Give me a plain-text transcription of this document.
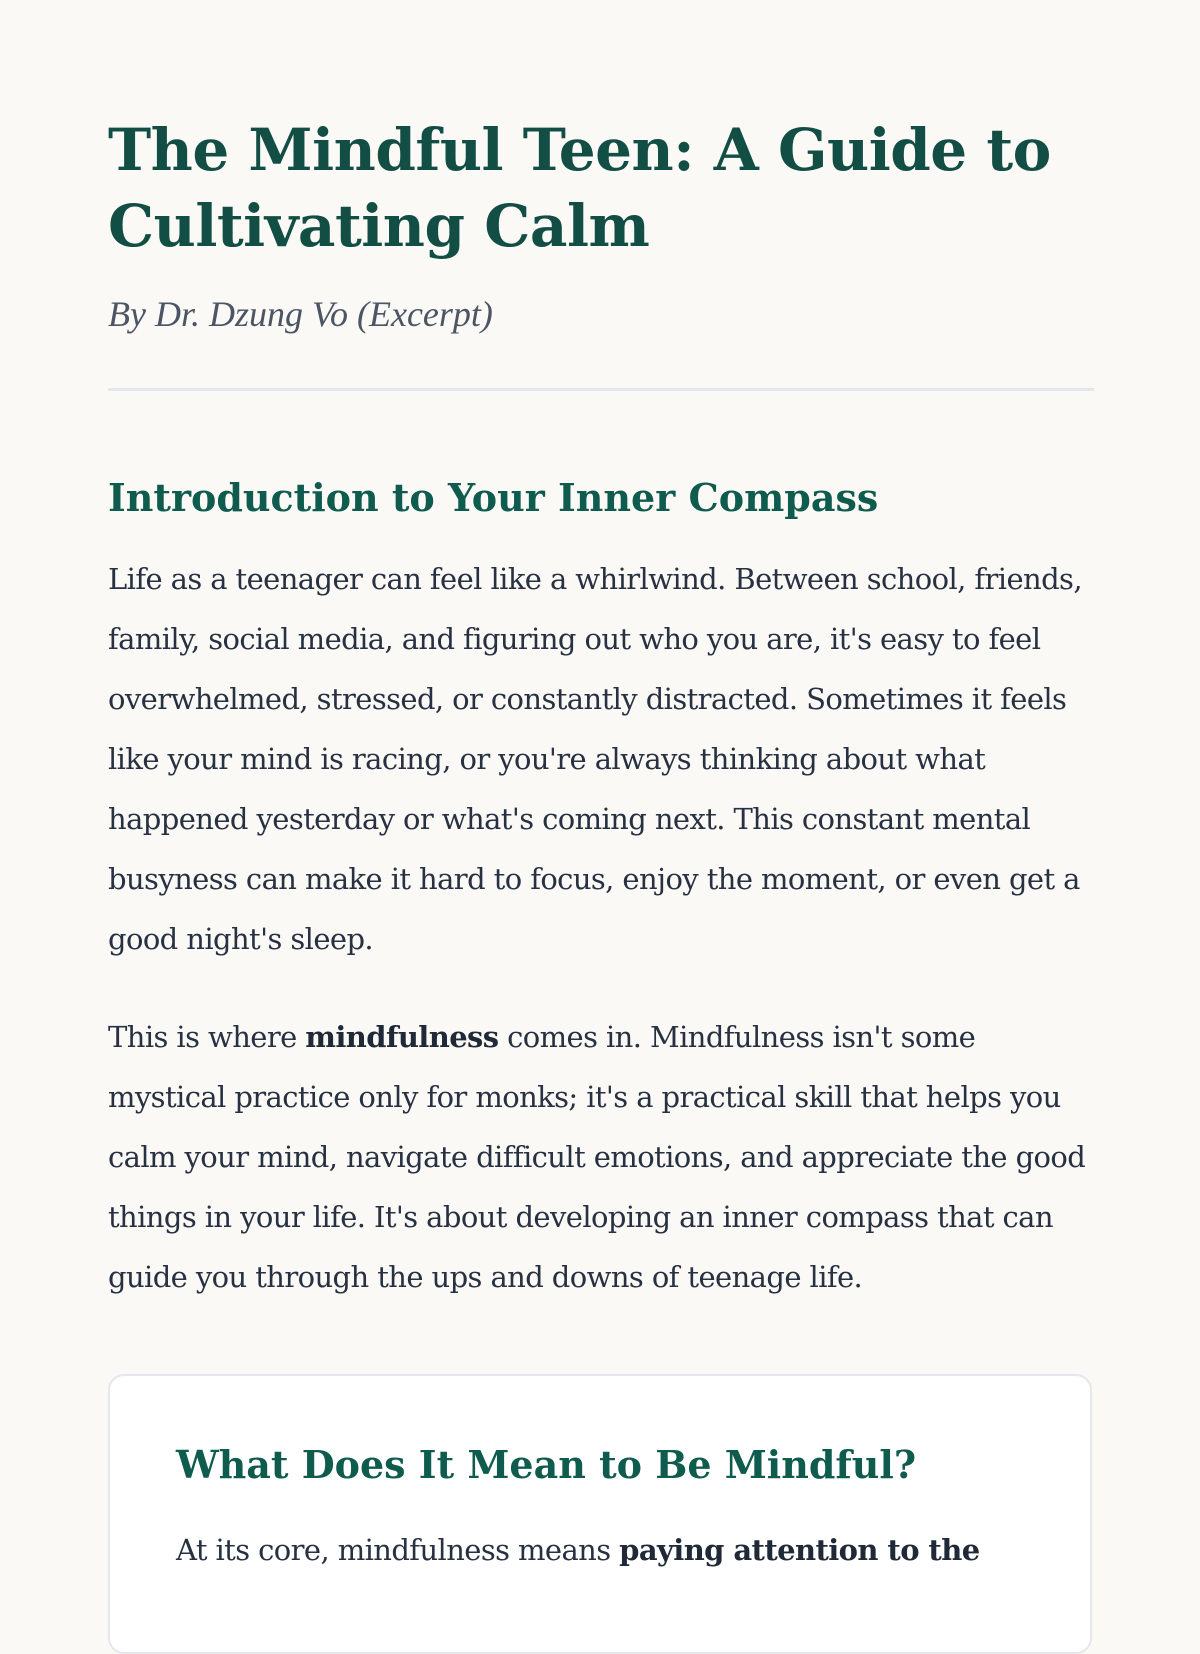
The Mindful Teen: A Guide to Cultivating Calm

By Dr. Dzung Vo (Excerpt)

Introduction to Your Inner Compass

Life as a teenager can feel like a whirlwind. Between school, friends, family, social media, and figuring out who you are, it's easy to feel overwhelmed, stressed, or constantly distracted. Sometimes it feels like your mind is racing, or you're always thinking about what happened yesterday or what's coming next. This constant mental busyness can make it hard to focus, enjoy the moment, or even get a good night's sleep.

This is where mindfulness comes in. Mindfulness isn't some mystical practice only for monks; it's a practical skill that helps you calm your mind, navigate difficult emotions, and appreciate the good things in your life. It's about developing an inner compass that can guide you through the ups and downs of teenage life.

What Does It Mean to Be Mindful?

At its core, mindfulness means paying attention to the
